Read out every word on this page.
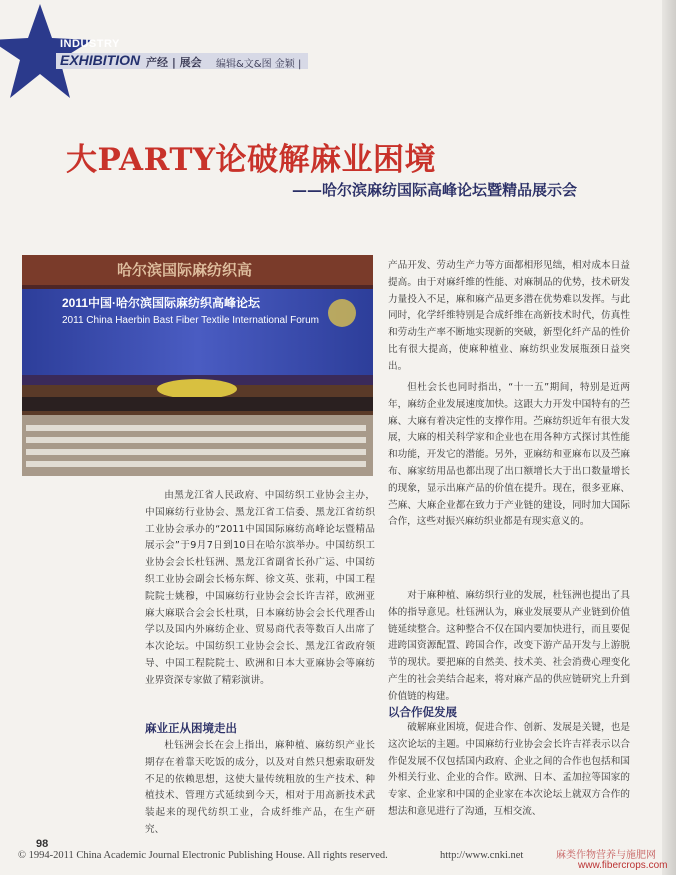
INDUSTRY
EXHIBITION 产经 | 展会 编辑&文&图 金颖 |
大PARTY论破解麻业困境
——哈尔滨麻纺国际高峰论坛暨精品展示会
哈尔滨国际麻纺织高
2011中国·哈尔滨国际麻纺织高峰论坛
2011 China Haerbin Bast Fiber Textile International Forum

产品开发、劳动生产力等方面都相形见绌，相对成本日益提高。由于对麻纤维的性能、对麻制品的优势，技术研发力量投入不足，麻和麻产品更多潜在优势难以发挥。与此同时，化学纤维特别是合成纤维在高新技术时代，仿真性和劳动生产率不断地实现新的突破，新型化纤产品的性价比有很大提高，使麻种植业、麻纺织业发展瓶颈日益突出。

但杜会长也同时指出，“十一五”期间，特别是近两年，麻纺企业发展速度加快。这跟大力开发中国特有的苎麻、大麻有着决定性的支撑作用。苎麻纺织近年有很大发展，大麻的相关科学家和企业也在用各种方式探讨其性能和功能，开发它的潜能。另外，亚麻纺和亚麻布以及苎麻布、麻家纺用品也都出现了出口额增长大于出口数量增长的现象，显示出麻产品的价值在提升。现在，很多亚麻、苎麻、大麻企业都在致力于产业链的建设，同时加大国际合作，这些对振兴麻纺织业都是有现实意义的。

对于麻种植、麻纺织行业的发展，杜钰洲也提出了具体的指导意见。杜钰洲认为，麻业发展要从产业链到价值链延续整合。这种整合不仅在国内要加快进行，而且要促进跨国资源配置、跨国合作，改变下游产品开发与上游脱节的现状。要把麻的自然美、技术美、社会消费心理变化产生的社会美结合起来，将对麻产品的供应链研究上升到价值链的构建。

以合作促发展

破解麻业困境，促进合作、创新、发展是关键，也是这次论坛的主题。中国麻纺行业协会会长许吉祥表示以合作促发展不仅包括国内政府、企业之间的合作也包括和国外相关行业、企业的合作。欧洲、日本、孟加拉等国家的专家、企业家和中国的企业家在本次论坛上就双方合作的想法和意见进行了沟通，互相交流、

由黑龙江省人民政府、中国纺织工业协会主办，中国麻纺行业协会、黑龙江省工信委、黑龙江省纺织工业协会承办的“2011中国国际麻纺高峰论坛暨精品展示会”于9月7日到10日在哈尔滨举办。中国纺织工业协会会长杜钰洲、黑龙江省副省长孙广运、中国纺织工业协会副会长杨东辉、徐文英、张莉，中国工程院院士姚穆，中国麻纺行业协会会长许吉祥，欧洲亚麻大麻联合会会长杜琪，日本麻纺协会会长代理香山学以及国内外麻纺企业、贸易商代表等数百人出席了本次论坛。中国纺织工业协会会长、黑龙江省政府领导、中国工程院院士、欧洲和日本大亚麻协会等麻纺业界资深专家做了精彩演讲。

麻业正从困境走出

杜钰洲会长在会上指出，麻种植、麻纺织产业长期存在着靠天吃饭的成分，以及对自然只想索取研发不足的依赖思想，这使大量传统粗放的生产技术、种植技术、管理方式延续到今天，相对于用高新技术武装起来的现代纺织工业，合成纤维产品，在生产研究、

98
© 1994-2011 China Academic Journal Electronic Publishing House. All rights reserved.	http://www.cnki.net	麻类作物营养与施肥网
www.fibercrops.com
